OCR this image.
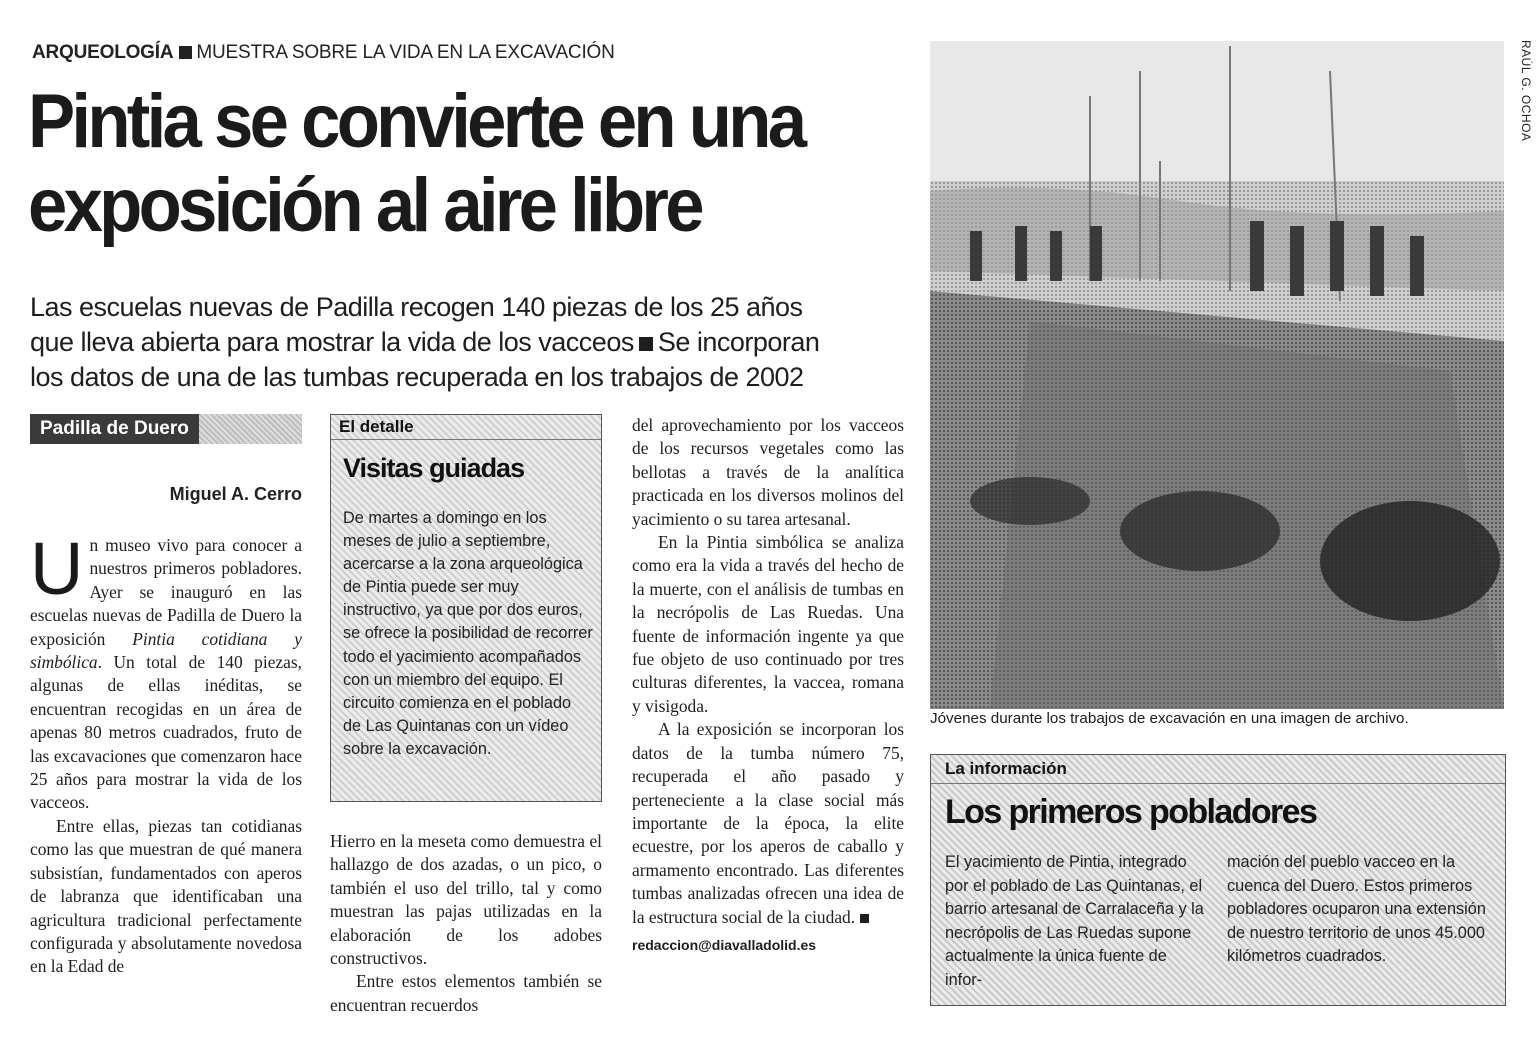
ARQUEOLOGÍA MUESTRA SOBRE LA VIDA EN LA EXCAVACIÓN
Pintia se convierte en una
exposición al aire libre
Las escuelas nuevas de Padilla recogen 140 piezas de los 25 años
que lleva abierta para mostrar la vida de los vacceos Se incorporan
los datos de una de las tumbas recuperada en los trabajos de 2002
Padilla de Duero
Miguel A. Cerro

Un museo vivo para conocer a nuestros primeros pobladores. Ayer se inauguró en las escuelas nuevas de Padilla de Duero la exposición Pintia cotidiana y simbólica. Un total de 140 piezas, algunas de ellas inéditas, se encuentran recogidas en un área de apenas 80 metros cuadrados, fruto de las excavaciones que comenzaron hace 25 años para mostrar la vida de los vacceos.

Entre ellas, piezas tan cotidianas como las que muestran de qué manera subsistían, fundamentados con aperos de labranza que identificaban una agricultura tradicional perfectamente configurada y absolutamente novedosa en la Edad de

El detalle
Visitas guiadas
De martes a domingo en los meses de julio a septiembre, acercarse a la zona arqueológica de Pintia puede ser muy instructivo, ya que por dos euros, se ofrece la posibilidad de recorrer todo el yacimiento acompañados con un miembro del equipo. El circuito comienza en el poblado de Las Quintanas con un vídeo sobre la excavación.

Hierro en la meseta como demuestra el hallazgo de dos azadas, o un pico, o también el uso del trillo, tal y como muestran las pajas utilizadas en la elaboración de los adobes constructivos.

Entre estos elementos también se encuentran recuerdos

del aprovechamiento por los vacceos de los recursos vegetales como las bellotas a través de la analítica practicada en los diversos molinos del yacimiento o su tarea artesanal.

En la Pintia simbólica se analiza como era la vida a través del hecho de la muerte, con el análisis de tumbas en la necrópolis de Las Ruedas. Una fuente de información ingente ya que fue objeto de uso continuado por tres culturas diferentes, la vaccea, romana y visigoda.

A la exposición se incorporan los datos de la tumba número 75, recuperada el año pasado y perteneciente a la clase social más importante de la época, la elite ecuestre, por los aperos de caballo y armamento encontrado. Las diferentes tumbas analizadas ofrecen una idea de la estructura social de la ciudad.

redaccion@diavalladolid.es

RAÚL G. OCHOA
Jóvenes durante los trabajos de excavación en una imagen de archivo.
La información
Los primeros pobladores
El yacimiento de Pintia, integrado por el poblado de Las Quintanas, el barrio artesanal de Carralaceña y la necrópolis de Las Ruedas supone actualmente la única fuente de infor-
mación del pueblo vacceo en la cuenca del Duero. Estos primeros pobladores ocuparon una extensión de nuestro territorio de unos 45.000 kilómetros cuadrados.
